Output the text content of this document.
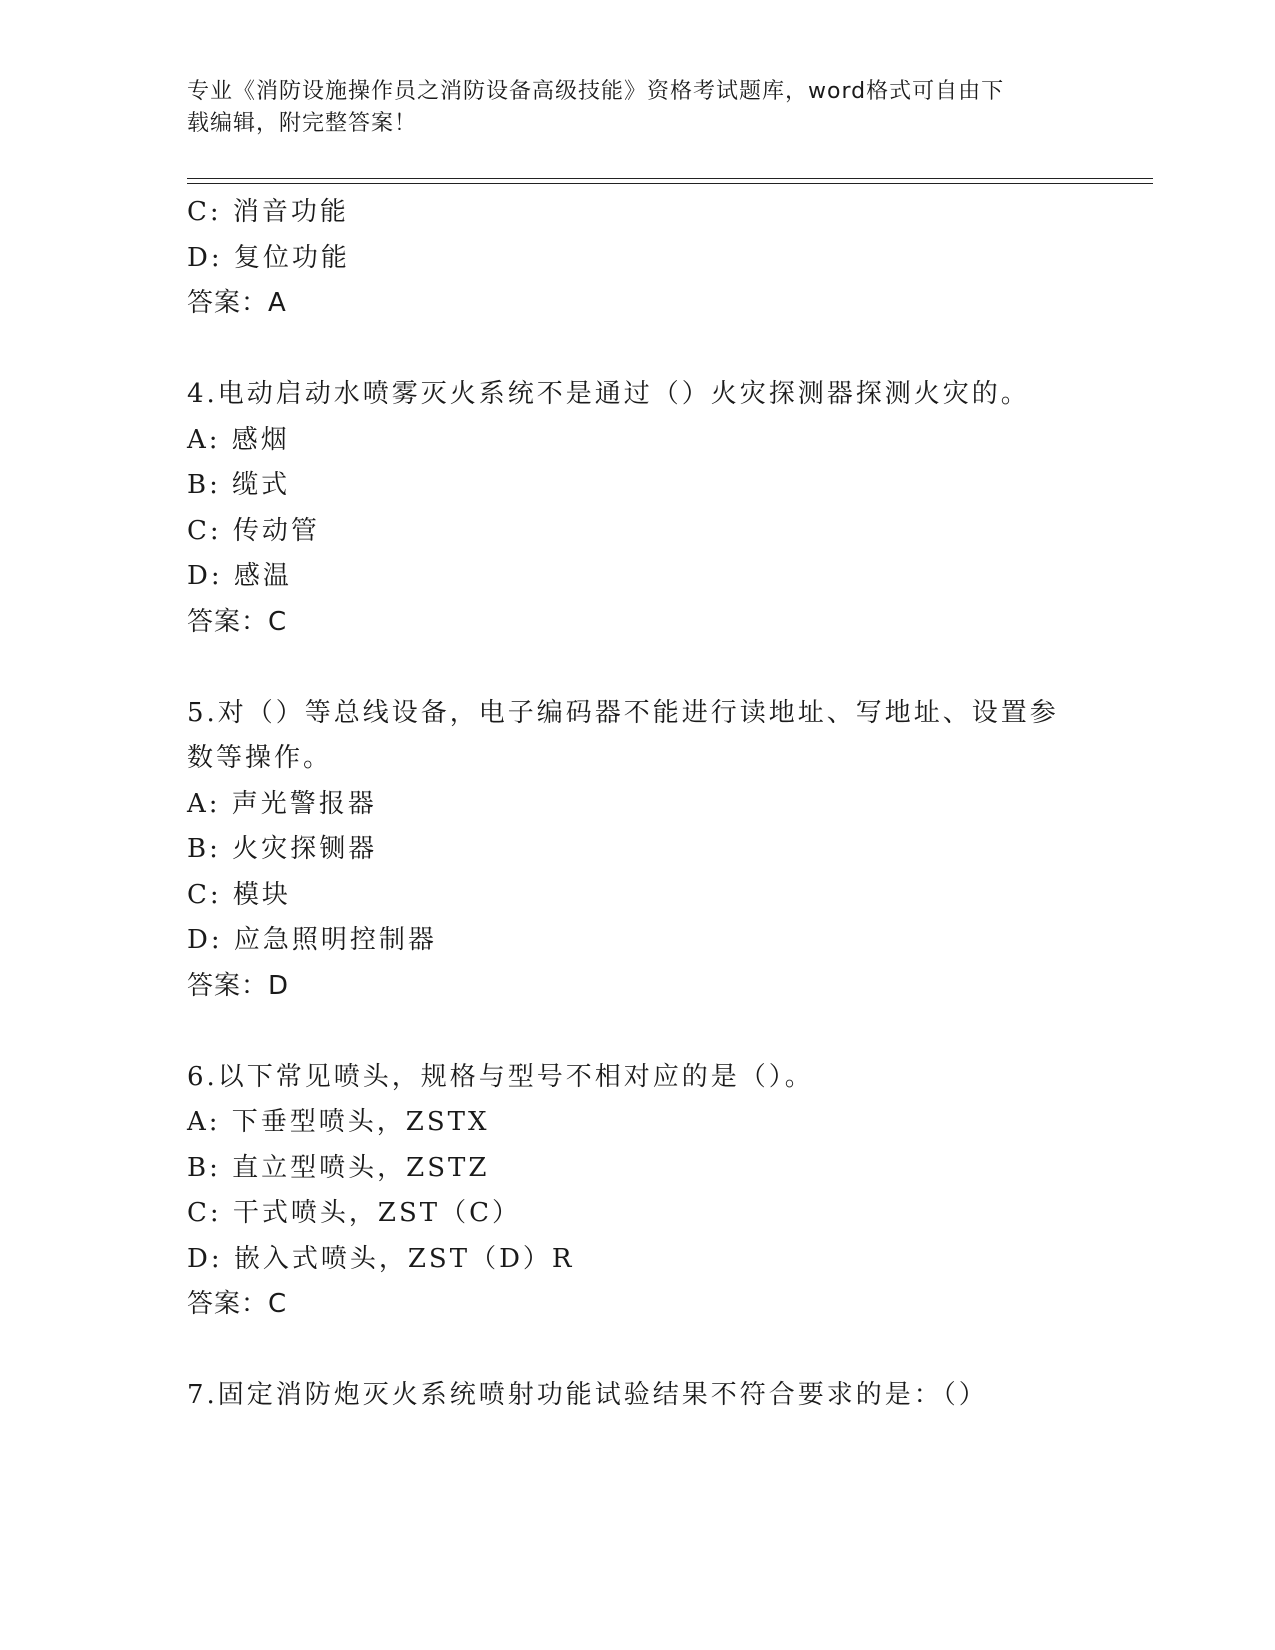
专业《消防设施操作员之消防设备高级技能》资格考试题库，word格式可自由下
载编辑，附完整答案！
C: 消音功能
D: 复位功能
答案：A
4.电动启动水喷雾灭火系统不是通过（）火灾探测器探测火灾的。
A: 感烟
B: 缆式
C: 传动管
D: 感温
答案：C
5.对（）等总线设备，电子编码器不能进行读地址、写地址、设置参
数等操作。
A: 声光警报器
B: 火灾探铡器
C: 模块
D: 应急照明控制器
答案：D
6.以下常见喷头，规格与型号不相对应的是（）。
A: 下垂型喷头，ZSTX
B: 直立型喷头，ZSTZ
C: 干式喷头，ZST（C）
D: 嵌入式喷头，ZST（D）R
答案：C
7.固定消防炮灭火系统喷射功能试验结果不符合要求的是：（）
